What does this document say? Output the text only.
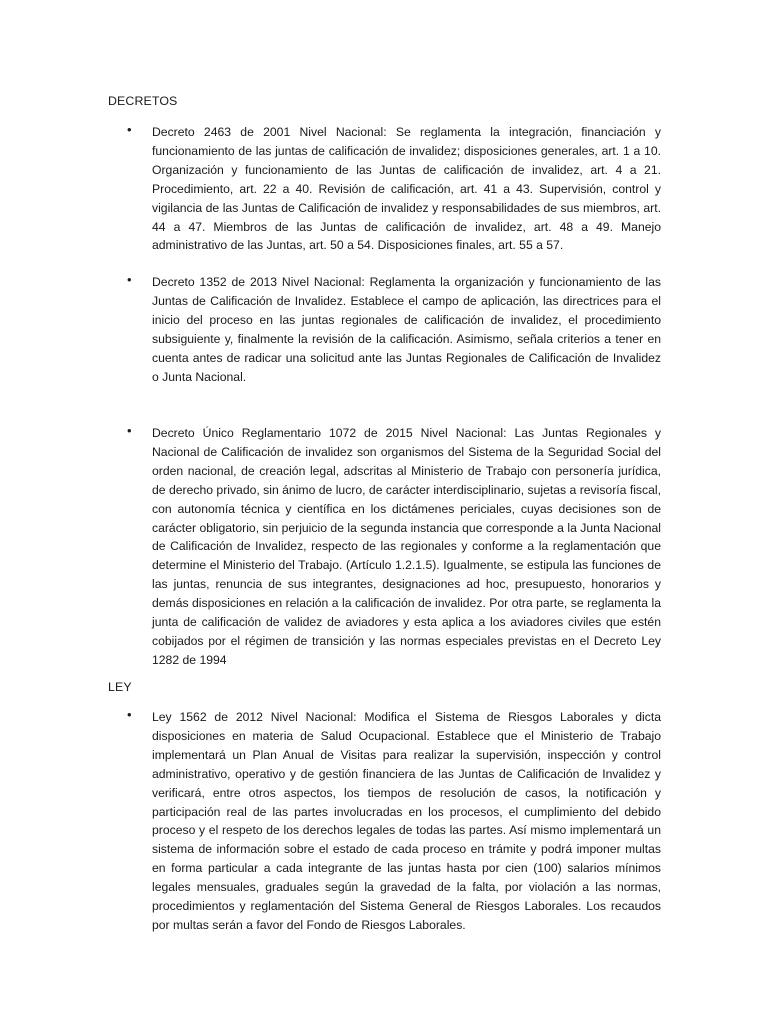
DECRETOS
• Decreto 2463 de 2001 Nivel Nacional: Se reglamenta la integración, financiación y funcionamiento de las juntas de calificación de invalidez; disposiciones generales, art. 1 a 10. Organización y funcionamiento de las Juntas de calificación de invalidez, art. 4 a 21. Procedimiento, art. 22 a 40. Revisión de calificación, art. 41 a 43. Supervisión, control y vigilancia de las Juntas de Calificación de invalidez y responsabilidades de sus miembros, art. 44 a 47. Miembros de las Juntas de calificación de invalidez, art. 48 a 49. Manejo administrativo de las Juntas, art. 50 a 54. Disposiciones finales, art. 55 a 57.
• Decreto 1352 de 2013 Nivel Nacional: Reglamenta la organización y funcionamiento de las Juntas de Calificación de Invalidez. Establece el campo de aplicación, las directrices para el inicio del proceso en las juntas regionales de calificación de invalidez, el procedimiento subsiguiente y, finalmente la revisión de la calificación. Asimismo, señala criterios a tener en cuenta antes de radicar una solicitud ante las Juntas Regionales de Calificación de Invalidez o Junta Nacional.
• Decreto Único Reglamentario 1072 de 2015 Nivel Nacional: Las Juntas Regionales y Nacional de Calificación de invalidez son organismos del Sistema de la Seguridad Social del orden nacional, de creación legal, adscritas al Ministerio de Trabajo con personería jurídica, de derecho privado, sin ánimo de lucro, de carácter interdisciplinario, sujetas a revisoría fiscal, con autonomía técnica y científica en los dictámenes periciales, cuyas decisiones son de carácter obligatorio, sin perjuicio de la segunda instancia que corresponde a la Junta Nacional de Calificación de Invalidez, respecto de las regionales y conforme a la reglamentación que determine el Ministerio del Trabajo. (Artículo 1.2.1.5). Igualmente, se estipula las funciones de las juntas, renuncia de sus integrantes, designaciones ad hoc, presupuesto, honorarios y demás disposiciones en relación a la calificación de invalidez. Por otra parte, se reglamenta la junta de calificación de validez de aviadores y esta aplica a los aviadores civiles que estén cobijados por el régimen de transición y las normas especiales previstas en el Decreto Ley 1282 de 1994
LEY
• Ley 1562 de 2012 Nivel Nacional: Modifica el Sistema de Riesgos Laborales y dicta disposiciones en materia de Salud Ocupacional. Establece que el Ministerio de Trabajo implementará un Plan Anual de Visitas para realizar la supervisión, inspección y control administrativo, operativo y de gestión financiera de las Juntas de Calificación de Invalidez y verificará, entre otros aspectos, los tiempos de resolución de casos, la notificación y participación real de las partes involucradas en los procesos, el cumplimiento del debido proceso y el respeto de los derechos legales de todas las partes. Así mismo implementará un sistema de información sobre el estado de cada proceso en trámite y podrá imponer multas en forma particular a cada integrante de las juntas hasta por cien (100) salarios mínimos legales mensuales, graduales según la gravedad de la falta, por violación a las normas, procedimientos y reglamentación del Sistema General de Riesgos Laborales. Los recaudos por multas serán a favor del Fondo de Riesgos Laborales.
